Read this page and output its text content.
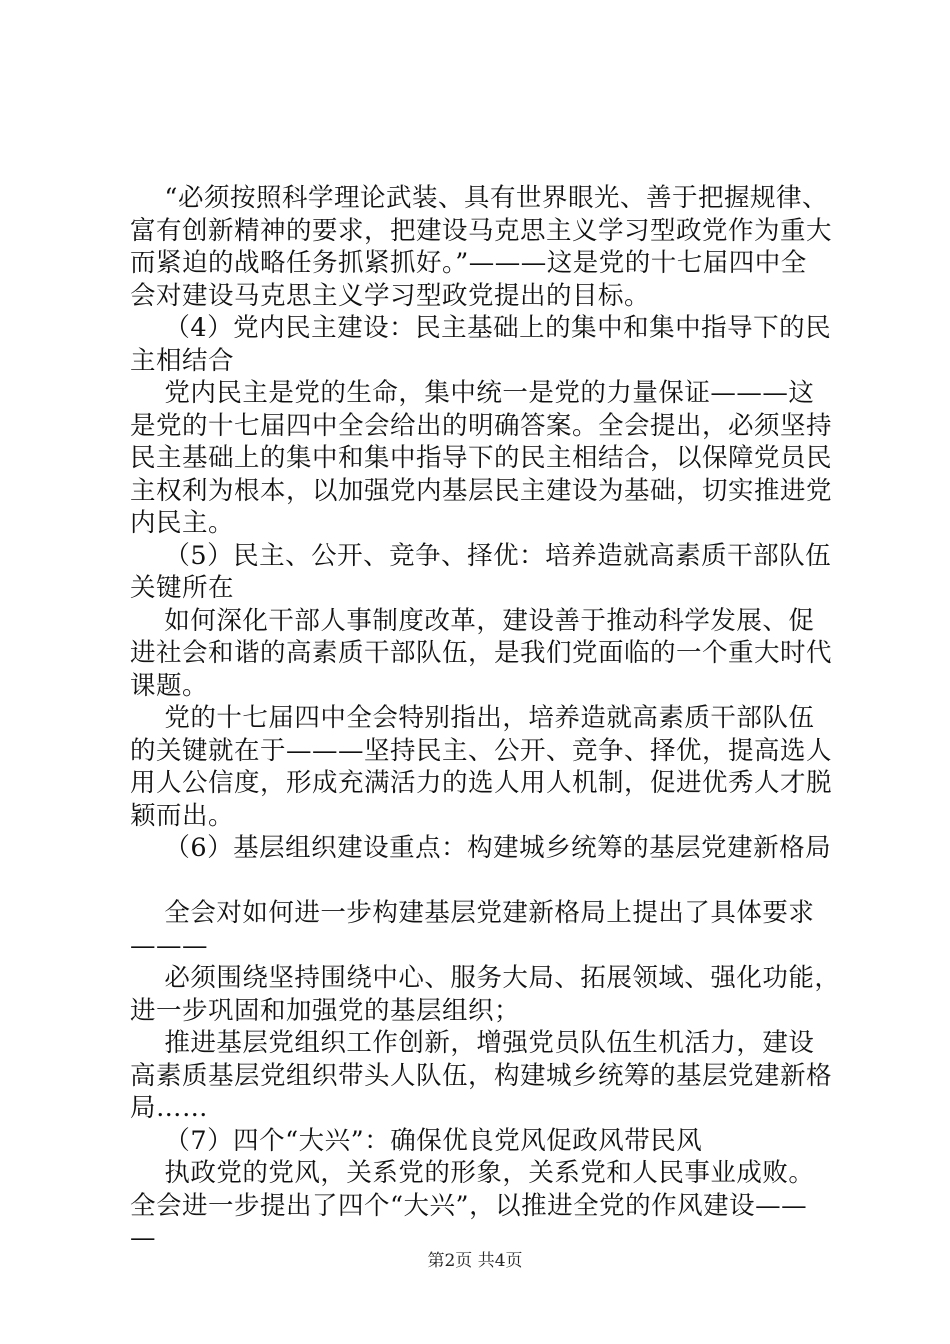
“必须按照科学理论武装、具有世界眼光、善于把握规律、
富有创新精神的要求，把建设马克思主义学习型政党作为重大
而紧迫的战略任务抓紧抓好。”———这是党的十七届四中全
会对建设马克思主义学习型政党提出的目标。
（4）党内民主建设：民主基础上的集中和集中指导下的民
主相结合
党内民主是党的生命，集中统一是党的力量保证———这
是党的十七届四中全会给出的明确答案。全会提出，必须坚持
民主基础上的集中和集中指导下的民主相结合，以保障党员民
主权利为根本，以加强党内基层民主建设为基础，切实推进党
内民主。
（5）民主、公开、竞争、择优：培养造就高素质干部队伍
关键所在
如何深化干部人事制度改革，建设善于推动科学发展、促
进社会和谐的高素质干部队伍，是我们党面临的一个重大时代
课题。
党的十七届四中全会特别指出，培养造就高素质干部队伍
的关键就在于———坚持民主、公开、竞争、择优，提高选人
用人公信度，形成充满活力的选人用人机制，促进优秀人才脱
颖而出。
（6）基层组织建设重点：构建城乡统筹的基层党建新格局
全会对如何进一步构建基层党建新格局上提出了具体要求
———
必须围绕坚持围绕中心、服务大局、拓展领域、强化功能，
进一步巩固和加强党的基层组织；
推进基层党组织工作创新，增强党员队伍生机活力，建设
高素质基层党组织带头人队伍，构建城乡统筹的基层党建新格
局……
（7）四个“大兴”：确保优良党风促政风带民风
执政党的党风，关系党的形象，关系党和人民事业成败。
全会进一步提出了四个“大兴”，以推进全党的作风建设——
—
第2页 共4页
